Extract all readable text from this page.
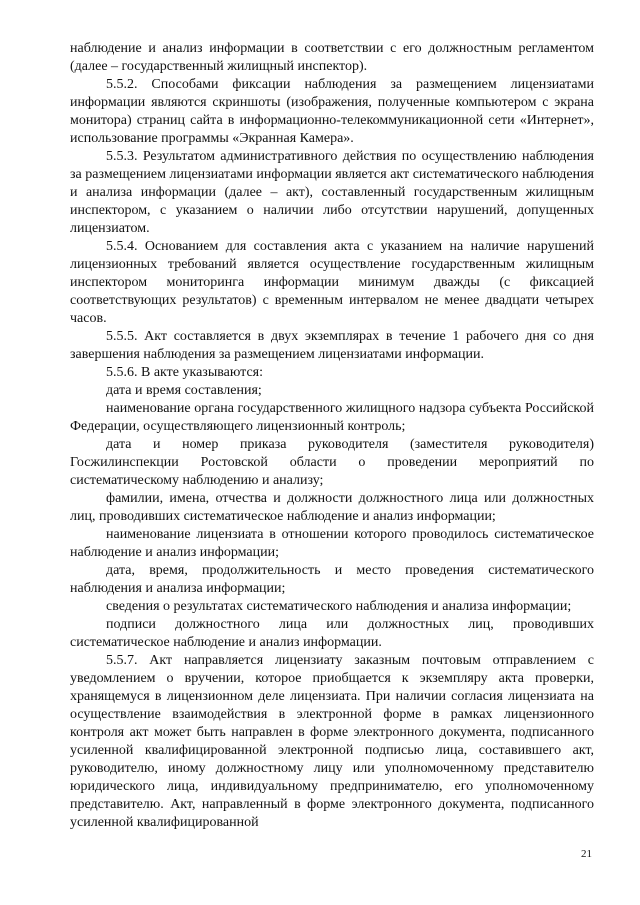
наблюдение и анализ информации в соответствии с его должностным регламентом (далее – государственный жилищный инспектор).

5.5.2. Способами фиксации наблюдения за размещением лицензиатами информации являются скриншоты (изображения, полученные компьютером с экрана монитора) страниц сайта в информационно-телекоммуникационной сети «Интернет», использование программы «Экранная Камера».

5.5.3. Результатом административного действия по осуществлению наблюдения за размещением лицензиатами информации является акт систематического наблюдения и анализа информации (далее – акт), составленный государственным жилищным инспектором, с указанием о наличии либо отсутствии нарушений, допущенных лицензиатом.

5.5.4. Основанием для составления акта с указанием на наличие нарушений лицензионных требований является осуществление государственным жилищным инспектором мониторинга информации минимум дважды (с фиксацией соответствующих результатов) с временным интервалом не менее двадцати четырех часов.

5.5.5. Акт составляется в двух экземплярах в течение 1 рабочего дня со дня завершения наблюдения за размещением лицензиатами информации.

5.5.6. В акте указываются:

дата и время составления;

наименование органа государственного жилищного надзора субъекта Российской Федерации, осуществляющего лицензионный контроль;

дата и номер приказа руководителя (заместителя руководителя) Госжилинспекции Ростовской области о проведении мероприятий по систематическому наблюдению и анализу;

фамилии, имена, отчества и должности должностного лица или должностных лиц, проводивших систематическое наблюдение и анализ информации;

наименование лицензиата в отношении которого проводилось систематическое наблюдение и анализ информации;

дата, время, продолжительность и место проведения систематического наблюдения и анализа информации;

сведения о результатах систематического наблюдения и анализа информации;

подписи должностного лица или должностных лиц, проводивших систематическое наблюдение и анализ информации.

5.5.7. Акт направляется лицензиату заказным почтовым отправлением с уведомлением о вручении, которое приобщается к экземпляру акта проверки, хранящемуся в лицензионном деле лицензиата. При наличии согласия лицензиата на осуществление взаимодействия в электронной форме в рамках лицензионного контроля акт может быть направлен в форме электронного документа, подписанного усиленной квалифицированной электронной подписью лица, составившего акт, руководителю, иному должностному лицу или уполномоченному представителю юридического лица, индивидуальному предпринимателю, его уполномоченному представителю. Акт, направленный в форме электронного документа, подписанного усиленной квалифицированной

21
